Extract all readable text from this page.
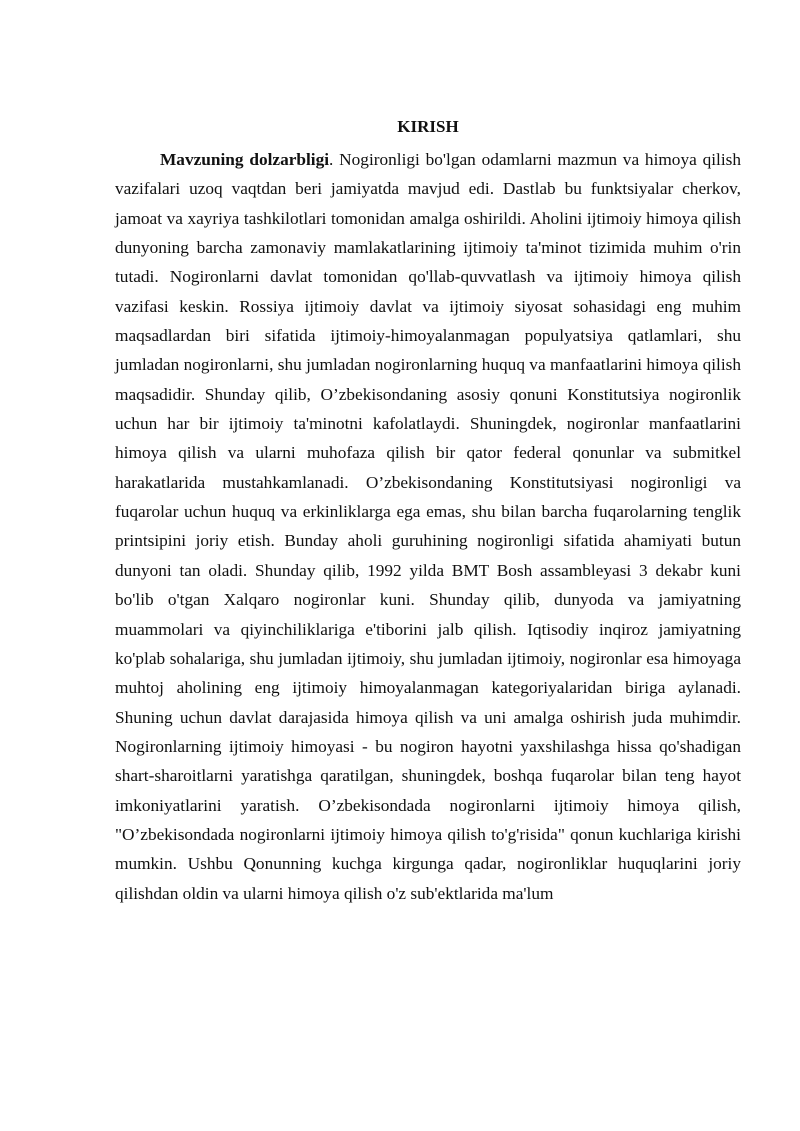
KIRISH

Mavzuning dolzarbligi. Nogironligi bo'lgan odamlarni mazmun va himoya qilish vazifalari uzoq vaqtdan beri jamiyatda mavjud edi. Dastlab bu funktsiyalar cherkov, jamoat va xayriya tashkilotlari tomonidan amalga oshirildi. Aholini ijtimoiy himoya qilish dunyoning barcha zamonaviy mamlakatlarining ijtimoiy ta'minot tizimida muhim o'rin tutadi. Nogironlarni davlat tomonidan qo'llab-quvvatlash va ijtimoiy himoya qilish vazifasi keskin. Rossiya ijtimoiy davlat va ijtimoiy siyosat sohasidagi eng muhim maqsadlardan biri sifatida ijtimoiy-himoyalanmagan populyatsiya qatlamlari, shu jumladan nogironlarni, shu jumladan nogironlarning huquq va manfaatlarini himoya qilish maqsadidir. Shunday qilib, O’zbekisondaning asosiy qonuni Konstitutsiya nogironlik uchun har bir ijtimoiy ta'minotni kafolatlaydi. Shuningdek, nogironlar manfaatlarini himoya qilish va ularni muhofaza qilish bir qator federal qonunlar va submitkel harakatlarida mustahkamlanadi. O’zbekisondaning Konstitutsiyasi nogironligi va fuqarolar uchun huquq va erkinliklarga ega emas, shu bilan barcha fuqarolarning tenglik printsipini joriy etish. Bunday aholi guruhining nogironligi sifatida ahamiyati butun dunyoni tan oladi. Shunday qilib, 1992 yilda BMT Bosh assambleyasi 3 dekabr kuni bo'lib o'tgan Xalqaro nogironlar kuni. Shunday qilib, dunyoda va jamiyatning muammolari va qiyinchiliklariga e'tiborini jalb qilish. Iqtisodiy inqiroz jamiyatning ko'plab sohalariga, shu jumladan ijtimoiy, shu jumladan ijtimoiy, nogironlar esa himoyaga muhtoj aholining eng ijtimoiy himoyalanmagan kategoriyalaridan biriga aylanadi. Shuning uchun davlat darajasida himoya qilish va uni amalga oshirish juda muhimdir. Nogironlarning ijtimoiy himoyasi - bu nogiron hayotni yaxshilashga hissa qo'shadigan shart-sharoitlarni yaratishga qaratilgan, shuningdek, boshqa fuqarolar bilan teng hayot imkoniyatlarini yaratish. O’zbekisondada nogironlarni ijtimoiy himoya qilish, "O’zbekisondada nogironlarni ijtimoiy himoya qilish to'g'risida" qonun kuchlariga kirishi mumkin. Ushbu Qonunning kuchga kirgunga qadar, nogironliklar huquqlarini joriy qilishdan oldin va ularni himoya qilish o'z sub'ektlarida ma'lum
